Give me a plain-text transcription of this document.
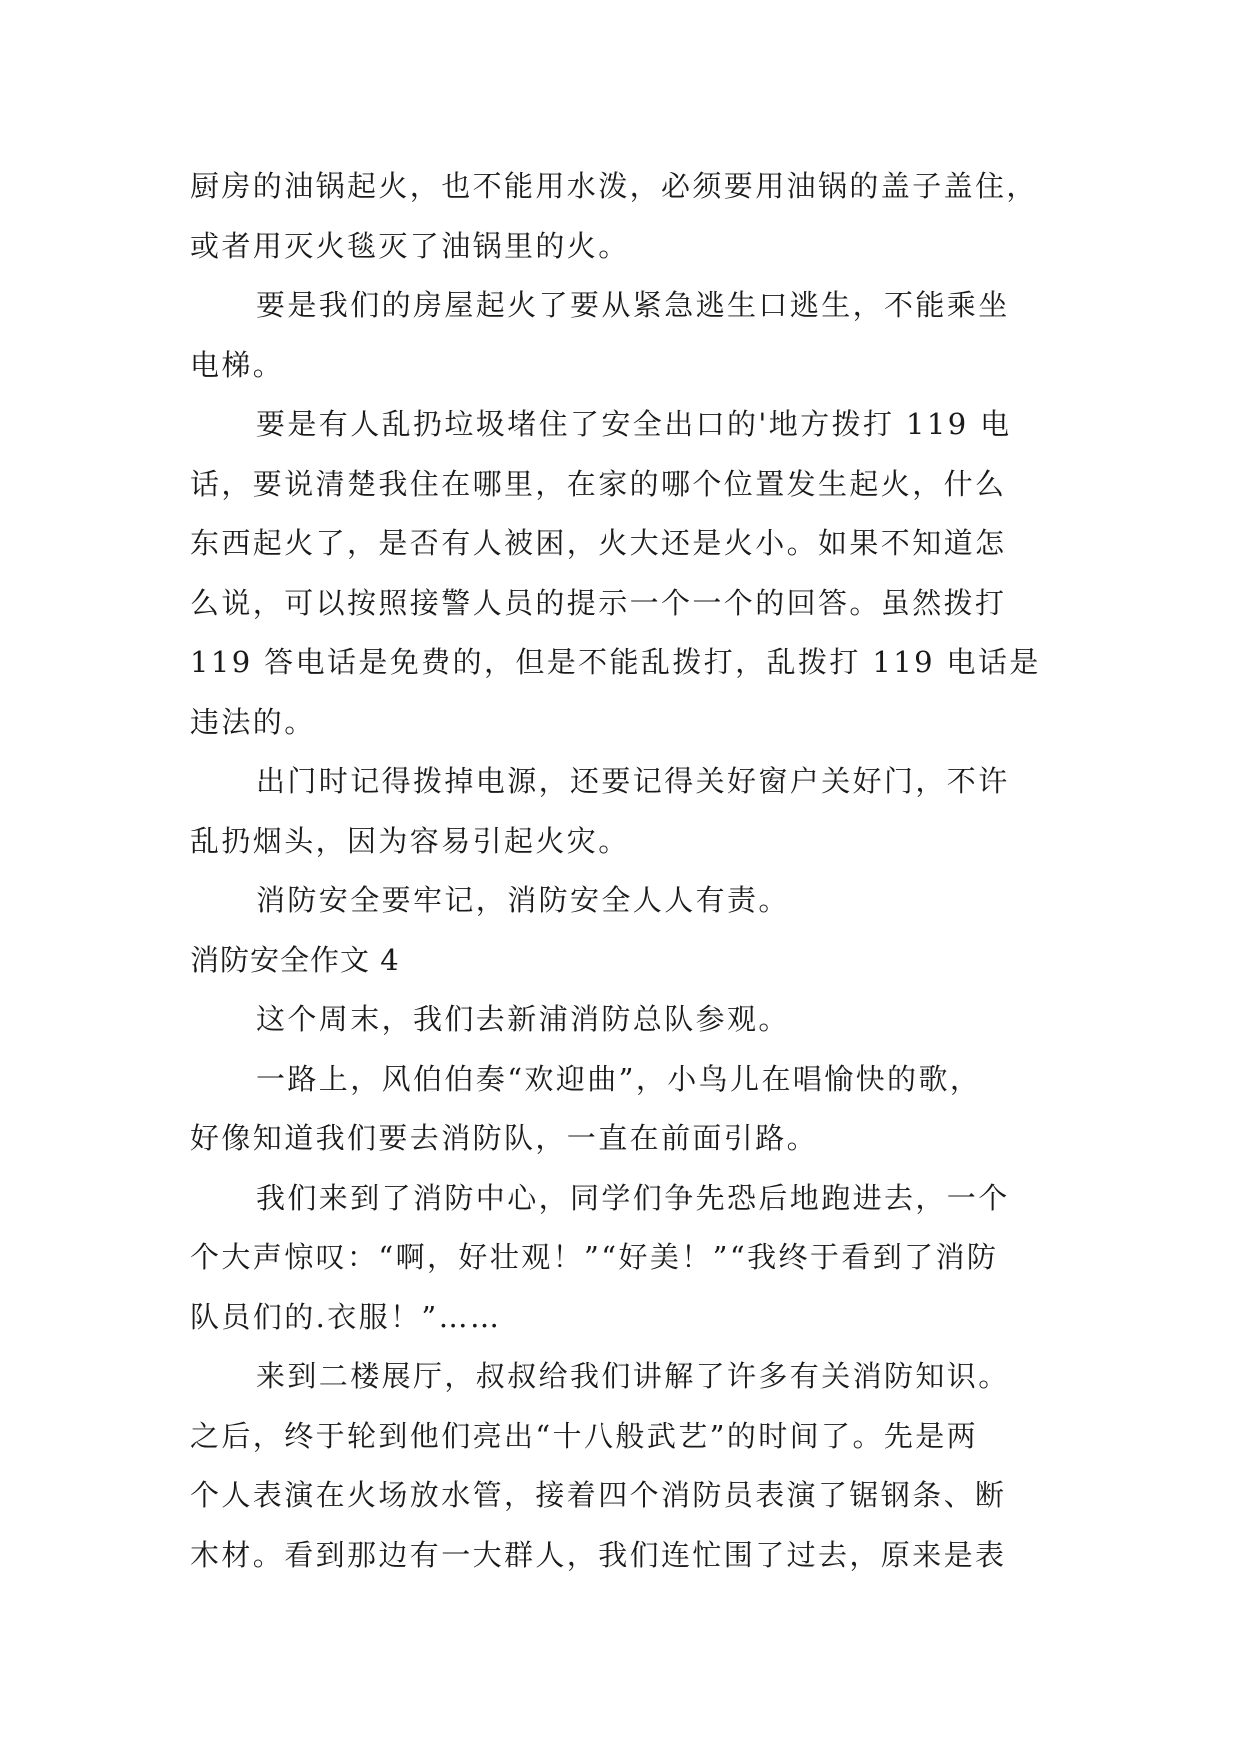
厨房的油锅起火，也不能用水泼，必须要用油锅的盖子盖住，
或者用灭火毯灭了油锅里的火。
要是我们的房屋起火了要从紧急逃生口逃生，不能乘坐
电梯。
要是有人乱扔垃圾堵住了安全出口的'地方拨打 119 电
话，要说清楚我住在哪里，在家的哪个位置发生起火，什么
东西起火了，是否有人被困，火大还是火小。如果不知道怎
么说，可以按照接警人员的提示一个一个的回答。虽然拨打
119 答电话是免费的，但是不能乱拨打，乱拨打 119 电话是
违法的。
出门时记得拨掉电源，还要记得关好窗户关好门，不许
乱扔烟头，因为容易引起火灾。
消防安全要牢记，消防安全人人有责。
消防安全作文 4
这个周末，我们去新浦消防总队参观。
一路上，风伯伯奏“欢迎曲”，小鸟儿在唱愉快的歌，
好像知道我们要去消防队，一直在前面引路。
我们来到了消防中心，同学们争先恐后地跑进去，一个
个大声惊叹：“啊，好壮观！”“好美！”“我终于看到了消防
队员们的.衣服！”……
来到二楼展厅，叔叔给我们讲解了许多有关消防知识。
之后，终于轮到他们亮出“十八般武艺”的时间了。先是两
个人表演在火场放水管，接着四个消防员表演了锯钢条、断
木材。看到那边有一大群人，我们连忙围了过去，原来是表
